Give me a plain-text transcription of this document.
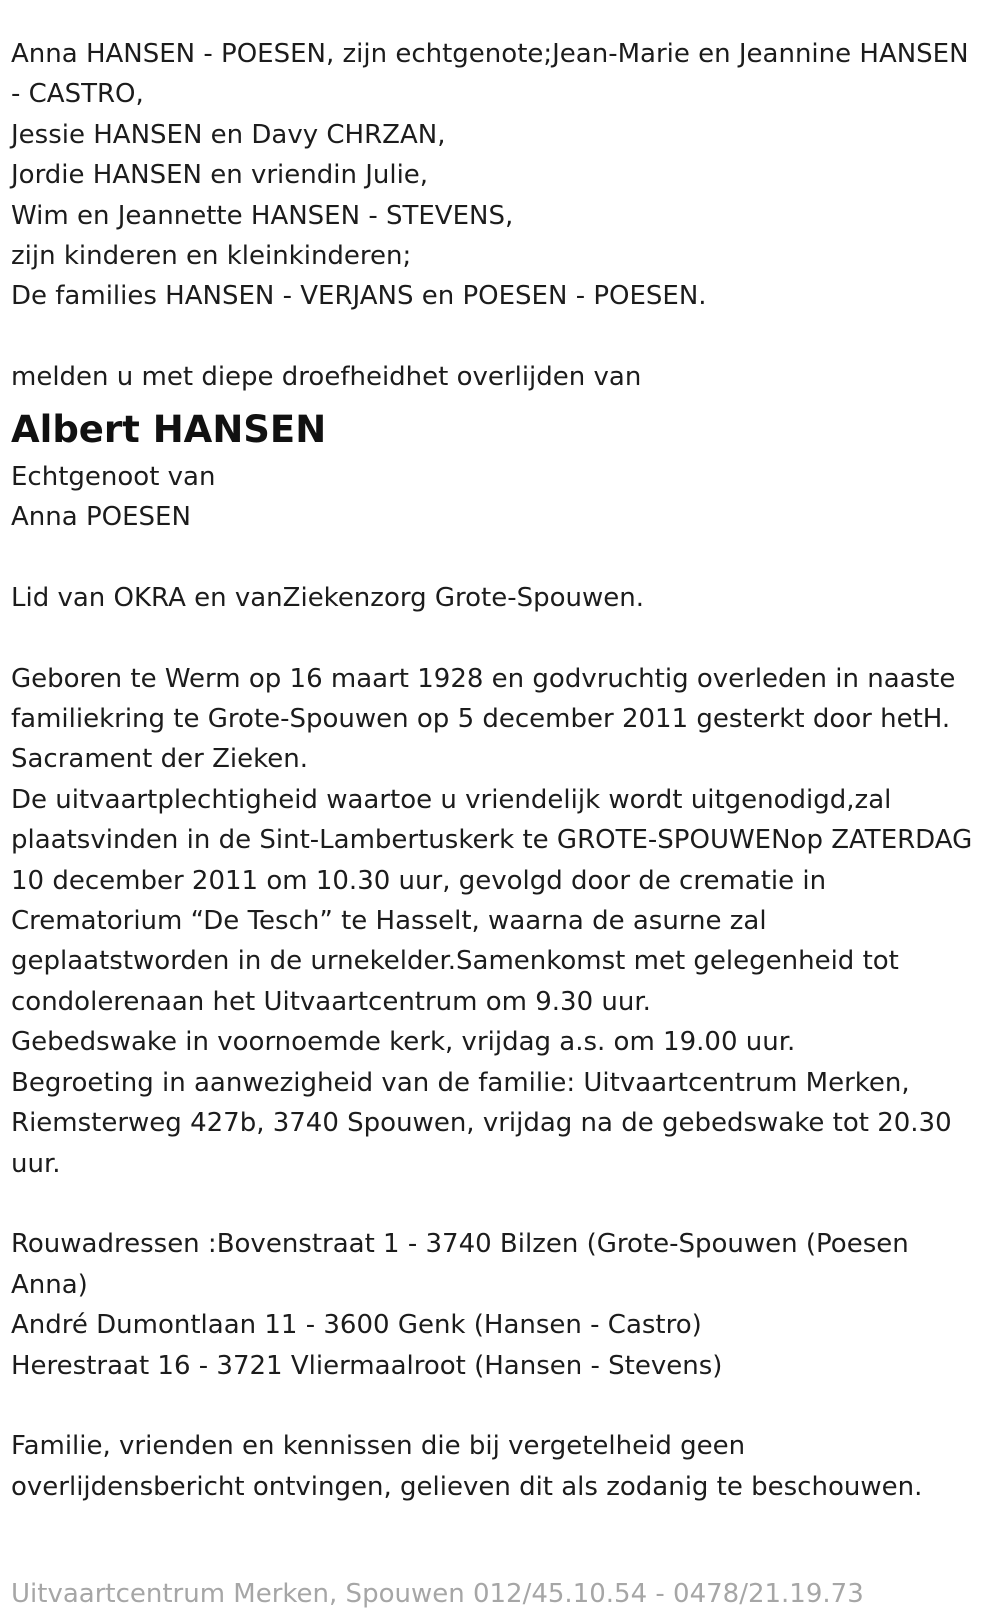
Anna HANSEN - POESEN, zijn echtgenote;Jean-Marie en Jeannine HANSEN
- CASTRO,
Jessie HANSEN en Davy CHRZAN,
Jordie HANSEN en vriendin Julie,
Wim en Jeannette HANSEN - STEVENS,
zijn kinderen en kleinkinderen;
De families HANSEN - VERJANS en POESEN - POESEN.
melden u met diepe droefheidhet overlijden van
Albert HANSEN
Echtgenoot van
Anna POESEN
Lid van OKRA en vanZiekenzorg Grote-Spouwen.
Geboren te Werm op 16 maart 1928 en godvruchtig overleden in naaste
familiekring te Grote-Spouwen op 5 december 2011 gesterkt door hetH.
Sacrament der Zieken.
De uitvaartplechtigheid waartoe u vriendelijk wordt uitgenodigd,zal
plaatsvinden in de Sint-Lambertuskerk te GROTE-SPOUWENop ZATERDAG
10 december 2011 om 10.30 uur, gevolgd door de crematie in
Crematorium “De Tesch” te Hasselt, waarna de asurne zal
geplaatstworden in de urnekelder.Samenkomst met gelegenheid tot
condolerenaan het Uitvaartcentrum om 9.30 uur.
Gebedswake in voornoemde kerk, vrijdag a.s. om 19.00 uur.
Begroeting in aanwezigheid van de familie: Uitvaartcentrum Merken,
Riemsterweg 427b, 3740 Spouwen, vrijdag na de gebedswake tot 20.30
uur.
Rouwadressen :Bovenstraat 1 - 3740 Bilzen (Grote-Spouwen (Poesen
Anna)
André Dumontlaan 11 - 3600 Genk (Hansen - Castro)
Herestraat 16 - 3721 Vliermaalroot (Hansen - Stevens)
Familie, vrienden en kennissen die bij vergetelheid geen
overlijdensbericht ontvingen, gelieven dit als zodanig te beschouwen.
Uitvaartcentrum Merken, Spouwen 012/45.10.54 - 0478/21.19.73
